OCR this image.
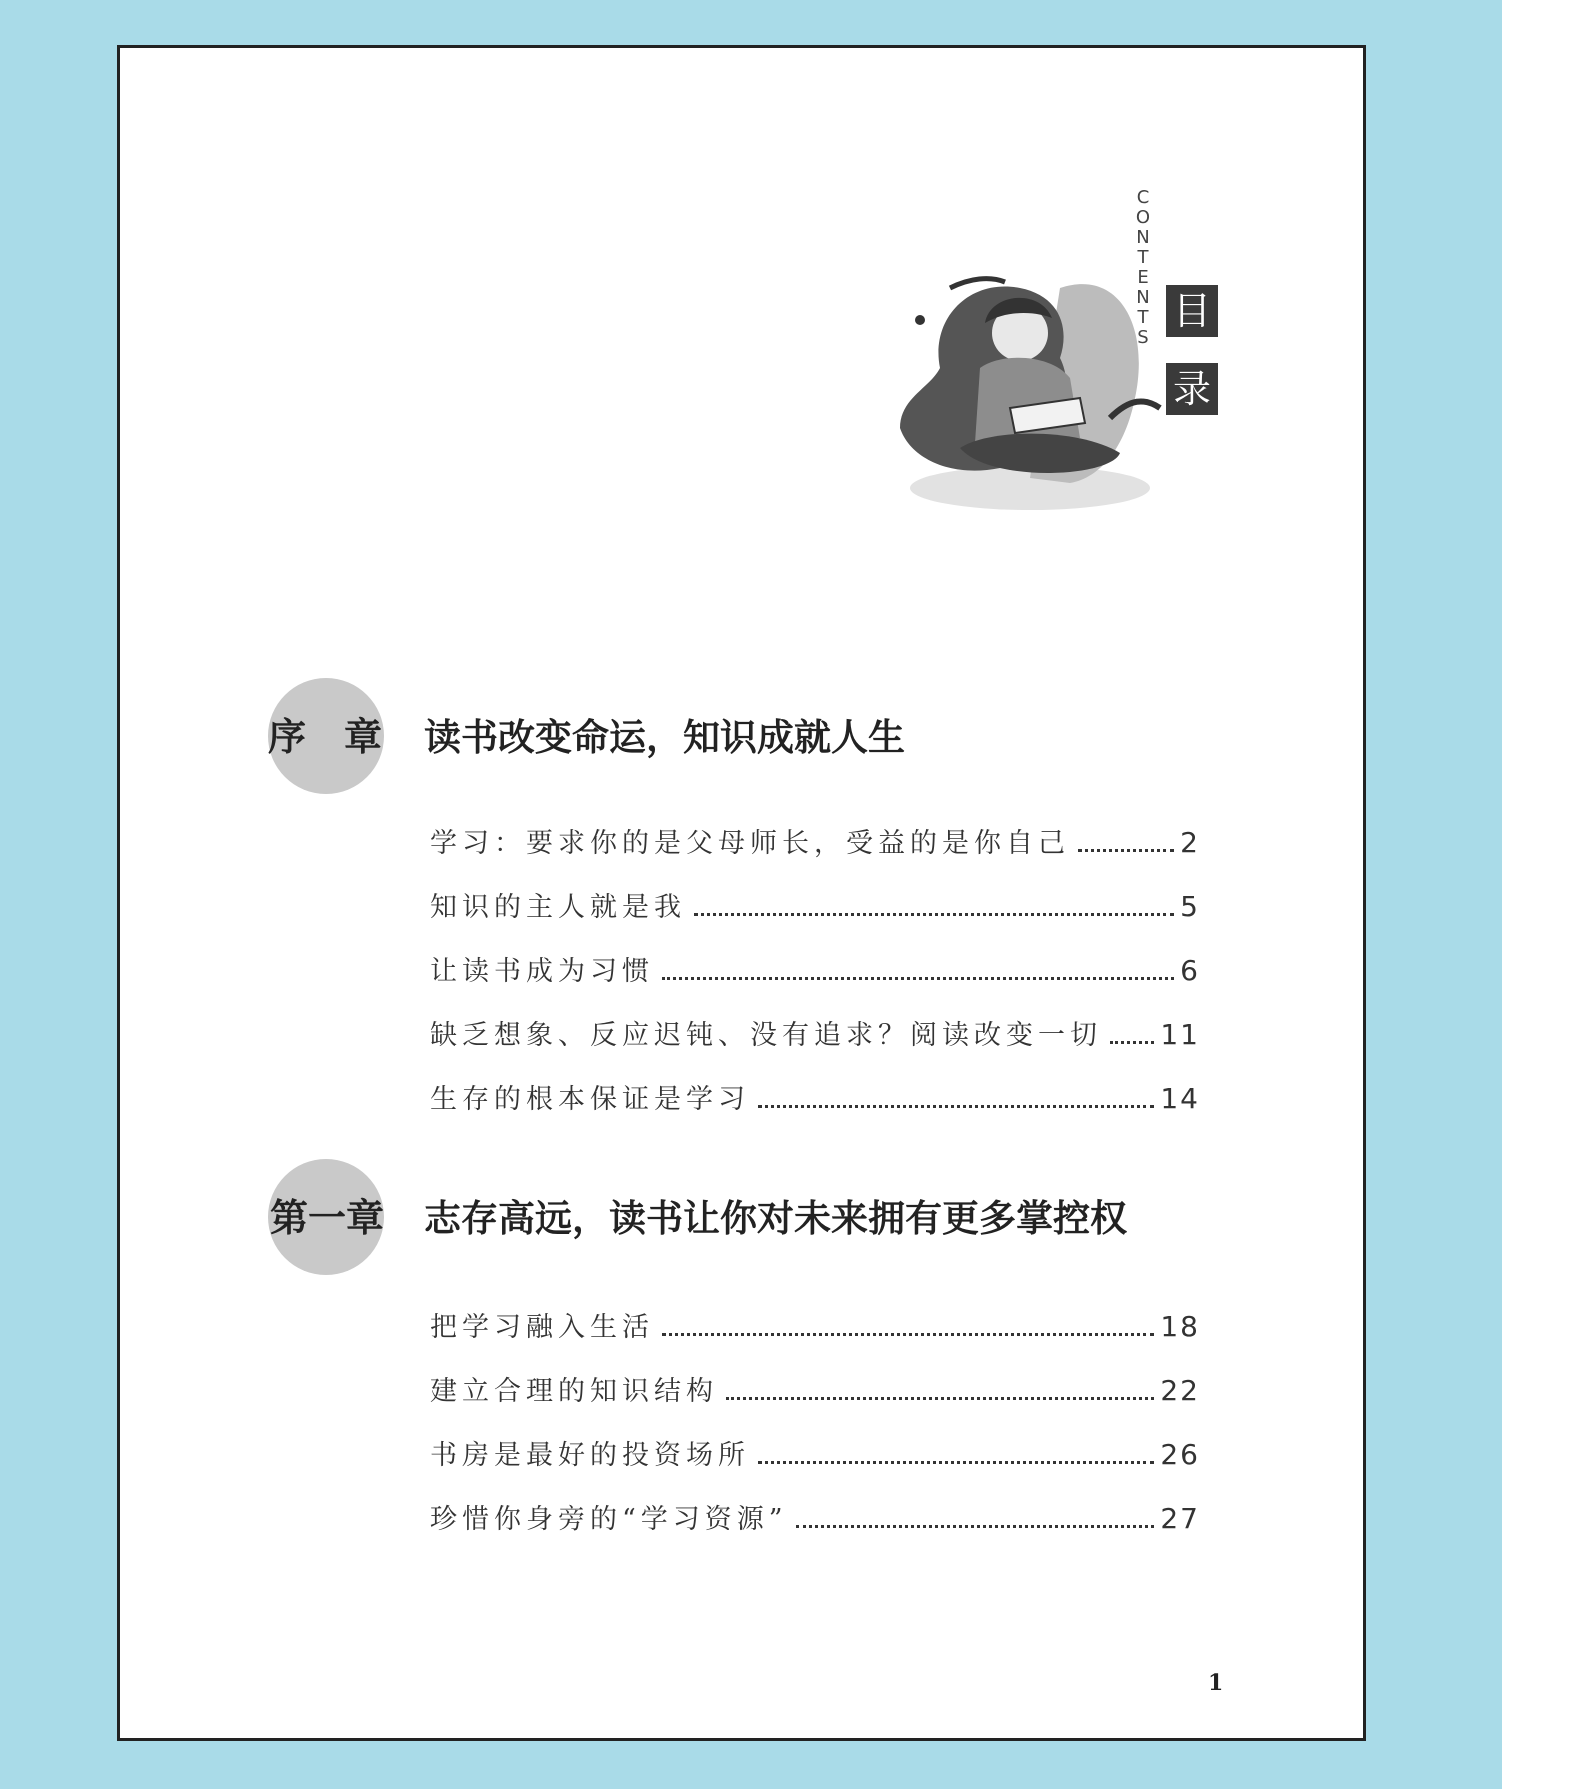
C
O
N
T
E
N
T
S
目
录
序　章 读书改变命运，知识成就人生
学习：要求你的是父母师长，受益的是你自己	2
知识的主人就是我	5
让读书成为习惯	6
缺乏想象、反应迟钝、没有追求？阅读改变一切 11
生存的根本保证是学习	14
第一章 志存高远，读书让你对未来拥有更多掌控权
把学习融入生活	18
建立合理的知识结构	22
书房是最好的投资场所	26
珍惜你身旁的“学习资源”	27
1
